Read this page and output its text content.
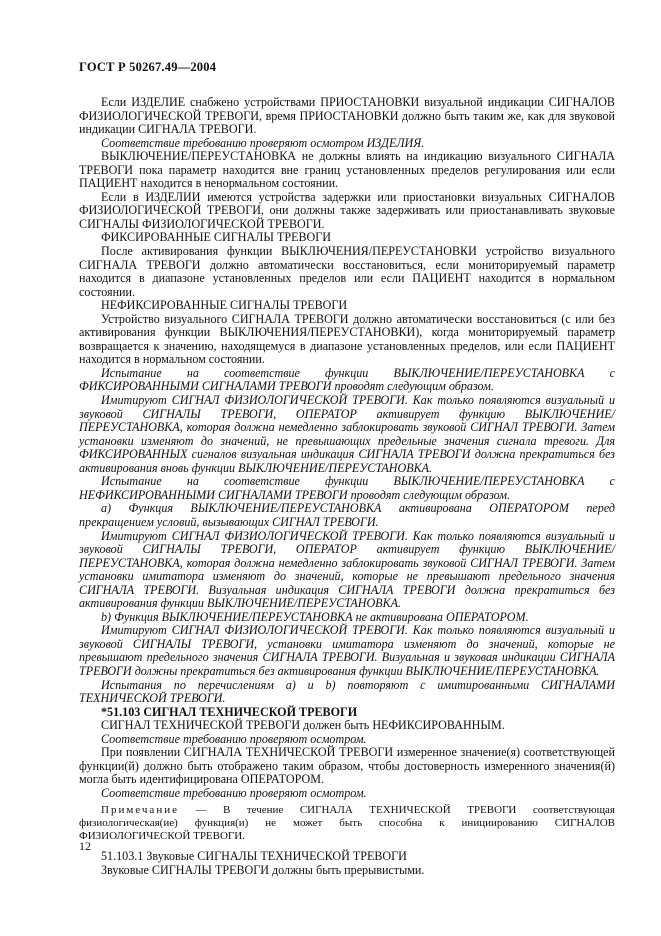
ГОСТ Р 50267.49—2004

Если ИЗДЕЛИЕ снабжено устройствами ПРИОСТАНОВКИ визуальной индикации СИГНАЛОВ ФИЗИОЛОГИЧЕСКОЙ ТРЕВОГИ, время ПРИОСТАНОВКИ должно быть таким же, как для звуковой индикации СИГНАЛА ТРЕВОГИ.

Соответствие требованию проверяют осмотром ИЗДЕЛИЯ.

ВЫКЛЮЧЕНИЕ/ПЕРЕУСТАНОВКА не должны влиять на индикацию визуального СИГНАЛА ТРЕВОГИ пока параметр находится вне границ установленных пределов регулирования или если ПАЦИЕНТ находится в ненормальном состоянии.

Если в ИЗДЕЛИИ имеются устройства задержки или приостановки визуальных СИГНАЛОВ ФИЗИОЛОГИЧЕСКОЙ ТРЕВОГИ, они должны также задерживать или приостанавливать звуковые СИГНАЛЫ ФИЗИОЛОГИЧЕСКОЙ ТРЕВОГИ.

ФИКСИРОВАННЫЕ СИГНАЛЫ ТРЕВОГИ

После активирования функции ВЫКЛЮЧЕНИЯ/ПЕРЕУСТАНОВКИ устройство визуального СИГНАЛА ТРЕВОГИ должно автоматически восстановиться, если мониторируемый параметр находится в диапазоне установленных пределов или если ПАЦИЕНТ находится в нормальном состоянии.

НЕФИКСИРОВАННЫЕ СИГНАЛЫ ТРЕВОГИ

Устройство визуального СИГНАЛА ТРЕВОГИ должно автоматически восстановиться (с или без активирования функции ВЫКЛЮЧЕНИЯ/ПЕРЕУСТАНОВКИ), когда мониторируемый параметр возвращается к значению, находящемуся в диапазоне установленных пределов, или если ПАЦИЕНТ находится в нормальном состоянии.

Испытание на соответствие функции ВЫКЛЮЧЕНИЕ/ПЕРЕУСТАНОВКА с ФИКСИРОВАННЫМИ СИГНАЛАМИ ТРЕВОГИ проводят следующим образом.

Имитируют СИГНАЛ ФИЗИОЛОГИЧЕСКОЙ ТРЕВОГИ. Как только появляются визуальный и звуковой СИГНАЛЫ ТРЕВОГИ, ОПЕРАТОР активирует функцию ВЫКЛЮЧЕНИЕ/ПЕРЕУСТАНОВКА, которая должна немедленно заблокировать звуковой СИГНАЛ ТРЕВОГИ. Затем установки изменяют до значений, не превышающих предельные значения сигнала тревоги. Для ФИКСИРОВАННЫХ сигналов визуальная индикация СИГНАЛА ТРЕВОГИ должна прекратиться без активирования вновь функции ВЫКЛЮЧЕНИЕ/ПЕРЕУСТАНОВКА.

Испытание на соответствие функции ВЫКЛЮЧЕНИЕ/ПЕРЕУСТАНОВКА с НЕФИКСИРОВАННЫМИ СИГНАЛАМИ ТРЕВОГИ проводят следующим образом.

a) Функция ВЫКЛЮЧЕНИЕ/ПЕРЕУСТАНОВКА активирована ОПЕРАТОРОМ перед прекращением условий, вызывающих СИГНАЛ ТРЕВОГИ.

Имитируют СИГНАЛ ФИЗИОЛОГИЧЕСКОЙ ТРЕВОГИ. Как только появляются визуальный и звуковой СИГНАЛЫ ТРЕВОГИ, ОПЕРАТОР активирует функцию ВЫКЛЮЧЕНИЕ/ПЕРЕУСТАНОВКА, которая должна немедленно заблокировать звуковой СИГНАЛ ТРЕВОГИ. Затем установки имитатора изменяют до значений, которые не превышают предельного значения СИГНАЛА ТРЕВОГИ. Визуальная индикация СИГНАЛА ТРЕВОГИ должна прекратиться без активирования функции ВЫКЛЮЧЕНИЕ/ПЕРЕУСТАНОВКА.

b) Функция ВЫКЛЮЧЕНИЕ/ПЕРЕУСТАНОВКА не активирована ОПЕРАТОРОМ.

Имитируют СИГНАЛ ФИЗИОЛОГИЧЕСКОЙ ТРЕВОГИ. Как только появляются визуальный и звуковой СИГНАЛЫ ТРЕВОГИ, установки имитатора изменяют до значений, которые не превышают предельного значения СИГНАЛА ТРЕВОГИ. Визуальная и звуковая индикации СИГНАЛА ТРЕВОГИ должны прекратиться без активирования функции ВЫКЛЮЧЕНИЕ/ПЕРЕУСТАНОВКА.

Испытания по перечислениям а) и b) повторяют с имитированными СИГНАЛАМИ ТЕХНИЧЕСКОЙ ТРЕВОГИ.

*51.103 СИГНАЛ ТЕХНИЧЕСКОЙ ТРЕВОГИ

СИГНАЛ ТЕХНИЧЕСКОЙ ТРЕВОГИ должен быть НЕФИКСИРОВАННЫМ.

Соответствие требованию проверяют осмотром.

При появлении СИГНАЛА ТЕХНИЧЕСКОЙ ТРЕВОГИ измеренное значение(я) соответствующей функции(й) должно быть отображено таким образом, чтобы достоверность измеренного значения(й) могла быть идентифицирована ОПЕРАТОРОМ.

Соответствие требованию проверяют осмотром.

Примечание — В течение СИГНАЛА ТЕХНИЧЕСКОЙ ТРЕВОГИ соответствующая физиологическая(ие) функция(и) не может быть способна к инициированию СИГНАЛОВ ФИЗИОЛОГИЧЕСКОЙ ТРЕВОГИ.

51.103.1 Звуковые СИГНАЛЫ ТЕХНИЧЕСКОЙ ТРЕВОГИ

Звуковые СИГНАЛЫ ТРЕВОГИ должны быть прерывистыми.

12
